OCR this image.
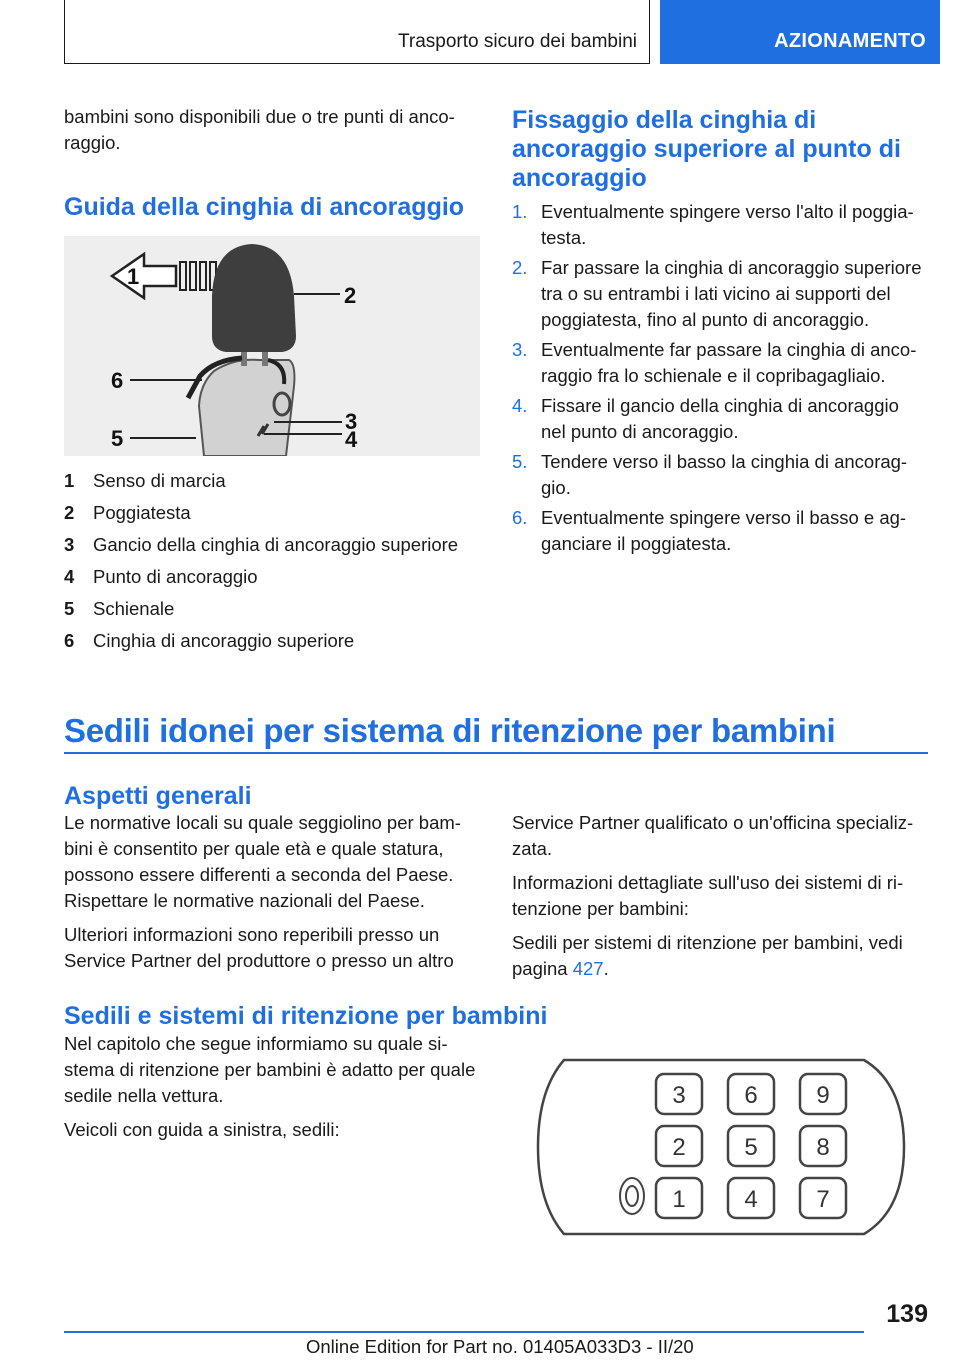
Trasporto sicuro dei bambini	AZIONAMENTO

bambini sono disponibili due o tre punti di anco-raggio.

Guida della cinghia di ancoraggio
1
2
3
4
5
6
1	Senso di marcia
2	Poggiatesta
3	Gancio della cinghia di ancoraggio superiore
4	Punto di ancoraggio
5	Schienale
6	Cinghia di ancoraggio superiore
Fissaggio della cinghia di ancoraggio superiore al punto di ancoraggio
1. Eventualmente spingere verso l'alto il poggia-testa.
2. Far passare la cinghia di ancoraggio superiore tra o su entrambi i lati vicino ai supporti del poggiatesta, fino al punto di ancoraggio.
3. Eventualmente far passare la cinghia di anco-raggio fra lo schienale e il copribagagliaio.
4. Fissare il gancio della cinghia di ancoraggio nel punto di ancoraggio.
5. Tendere verso il basso la cinghia di ancorag-gio.
6. Eventualmente spingere verso il basso e ag-ganciare il poggiatesta.
Sedili idonei per sistema di ritenzione per bambini
Aspetti generali

Le normative locali su quale seggiolino per bam-bini è consentito per quale età e quale statura, possono essere differenti a seconda del Paese. Rispettare le normative nazionali del Paese.

Ulteriori informazioni sono reperibili presso un Service Partner del produttore o presso un altro

Service Partner qualificato o un'officina specializ-zata.

Informazioni dettagliate sull'uso dei sistemi di ri-tenzione per bambini:

Sedili per sistemi di ritenzione per bambini, vedi pagina 427.

Sedili e sistemi di ritenzione per bambini

Nel capitolo che segue informiamo su quale si-stema di ritenzione per bambini è adatto per quale sedile nella vettura.

Veicoli con guida a sinistra, sedili:

3 6 9
2 5 8
1 4 7
139
Online Edition for Part no. 01405A033D3 - II/20
